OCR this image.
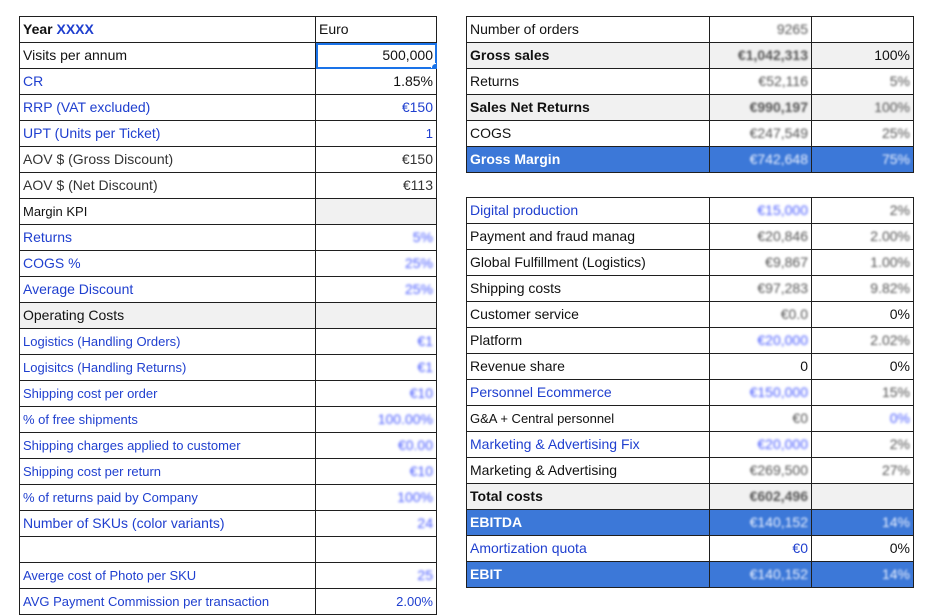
Year XXXX	Euro
Visits per annum	500,000

CR	1.85%
RRP (VAT excluded)	€150
UPT (Units per Ticket)	1
AOV $ (Gross Discount)	€150
AOV $ (Net Discount)	€113
Margin KPI	
Returns	5%
COGS %	25%
Average Discount	25%
Operating Costs	
Logistics (Handling Orders)	€1
Logisitcs (Handling Returns)	€1
Shipping cost per order	€10
% of free shipments	100.00%
Shipping charges applied to customer	€0.00
Shipping cost per return	€10
% of returns paid by Company	100%
Number of SKUs (color variants)	24

Averge cost of Photo per SKU	25
AVG Payment Commission per transaction	2.00%
Number of orders	9265	
Gross sales	€1,042,313	100%
Returns	€52,116	5%
Sales Net Returns	€990,197	100%
COGS	€247,549	25%
Gross Margin	€742,648	75%

Digital production	€15,000	2%
Payment and fraud manag	€20,846	2.00%
Global Fulfillment (Logistics)	€9,867	1.00%
Shipping costs	€97,283	9.82%
Customer service	€0.0	0%
Platform	€20,000	2.02%
Revenue share	0	0%
Personnel Ecommerce	€150,000	15%
G&A + Central personnel	€0	0%
Marketing & Advertising Fix	€20,000	2%
Marketing & Advertising	€269,500	27%
Total costs	€602,496	
EBITDA	€140,152	14%
Amortization quota	€0	0%
EBIT	€140,152	14%
